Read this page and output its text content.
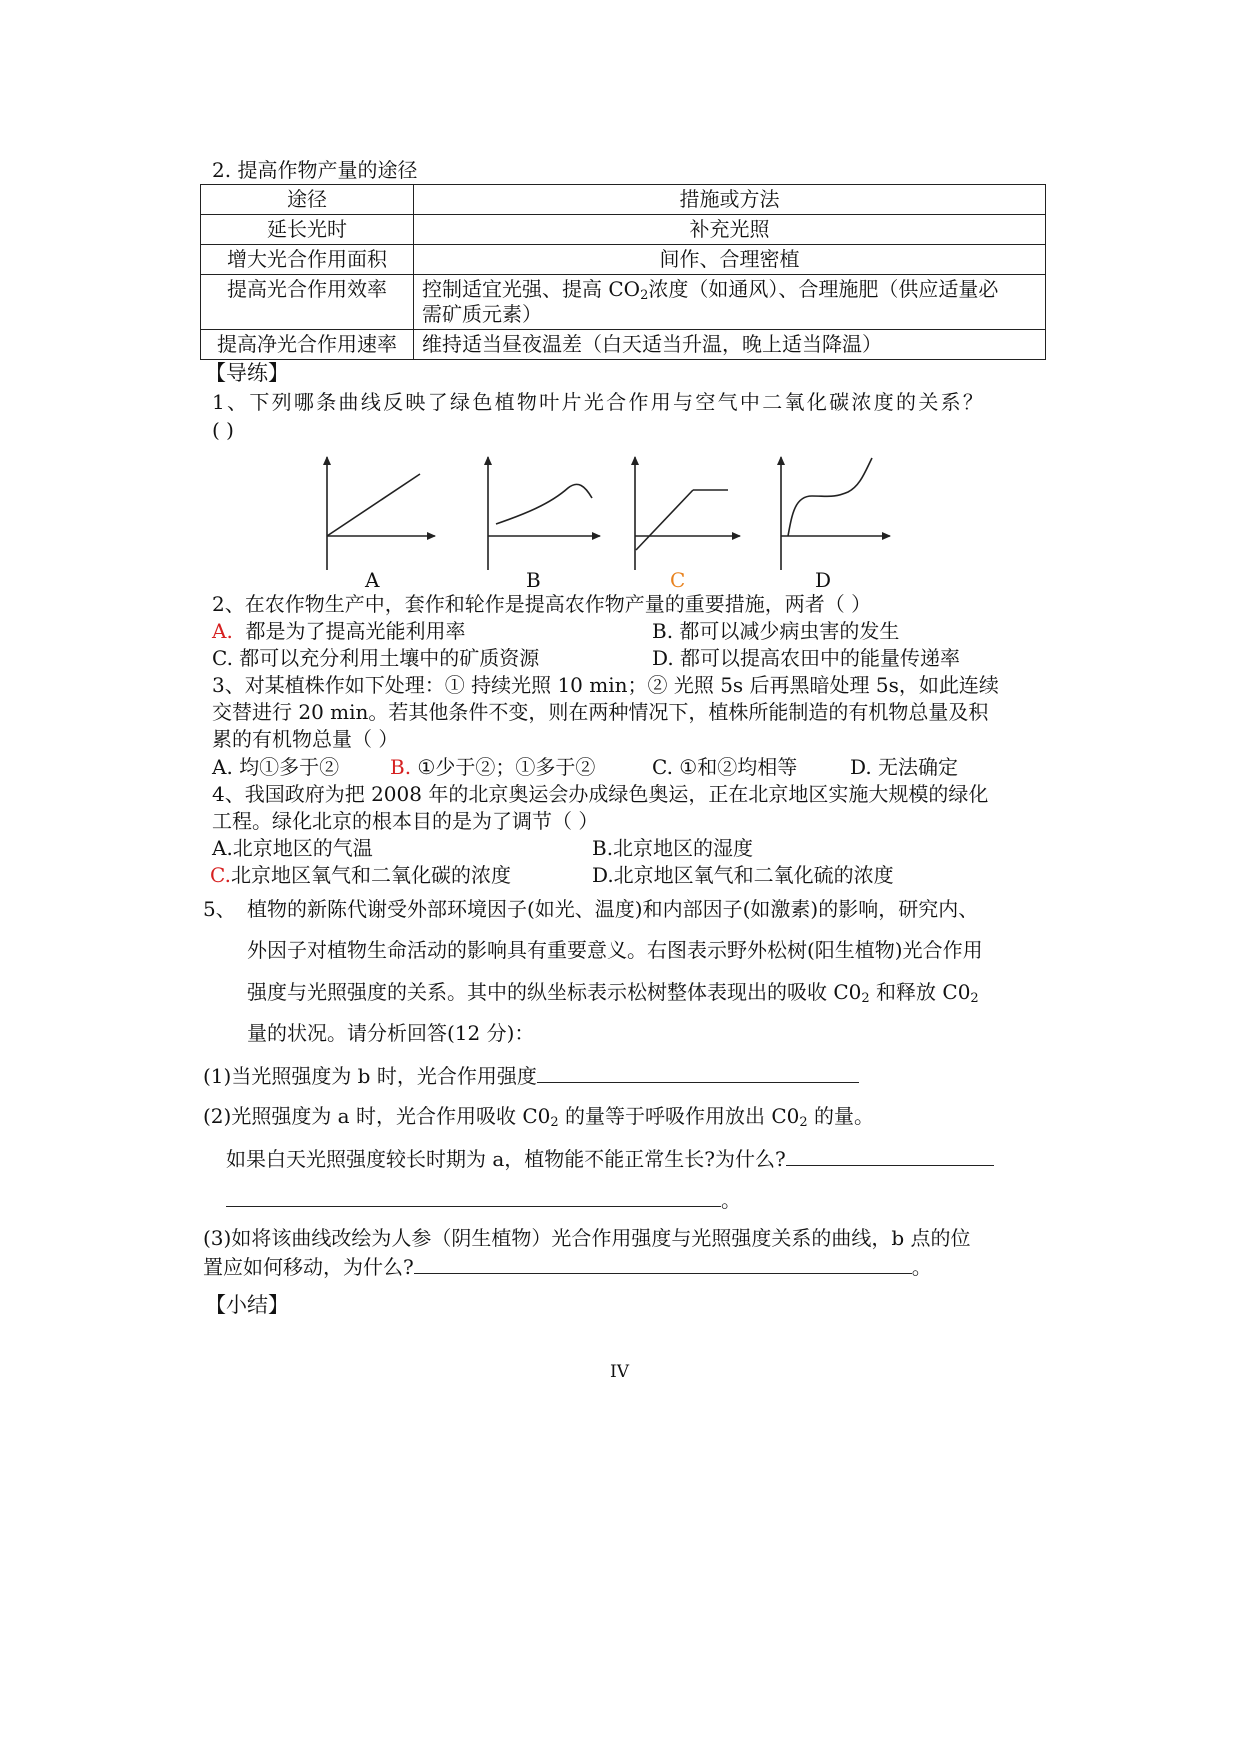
2. 提高作物产量的途径
途径	措施或方法
延长光时	补充光照
增大光合作用面积	间作、合理密植
提高光合作用效率	控制适宜光强、提高 $CO_2$浓度（如通风）、合理施肥（供应适量必
需矿质元素）
提高净光合作用速率	维持适当昼夜温差（白天适当升温，晚上适当降温）
【导练】
1、下列哪条曲线反映了绿色植物叶片光合作用与空气中二氧化碳浓度的关系？
( )
A	B	C	D
2、在农作物生产中，套作和轮作是提高农作物产量的重要措施，两者（ ）
A. 都是为了提高光能利用率	B. 都可以减少病虫害的发生
C. 都可以充分利用土壤中的矿质资源	D. 都可以提高农田中的能量传递率
3、对某植株作如下处理：① 持续光照 10 min；② 光照 5s 后再黑暗处理 5s，如此连续
交替进行 20 min。若其他条件不变，则在两种情况下，植株所能制造的有机物总量及积
累的有机物总量（ ）
A. 均①多于②	B. ①少于②；①多于②	C. ①和②均相等	D. 无法确定
4、我国政府为把 2008 年的北京奥运会办成绿色奥运，正在北京地区实施大规模的绿化
工程。绿化北京的根本目的是为了调节（ ）
A.北京地区的气温	B.北京地区的湿度
C.北京地区氧气和二氧化碳的浓度	D.北京地区氧气和二氧化硫的浓度
5、 植物的新陈代谢受外部环境因子(如光、温度)和内部因子(如激素)的影响，研究内、
外因子对植物生命活动的影响具有重要意义。右图表示野外松树(阳生植物)光合作用
强度与光照强度的关系。其中的纵坐标表示松树整体表现出的吸收 $C0_2$ 和释放 $C0_2$
量的状况。请分析回答(12 分)：
(1)当光照强度为 b 时，光合作用强度
(2)光照强度为 a 时，光合作用吸收 $C0_2$ 的量等于呼吸作用放出 $C0_2$ 的量。
如果白天光照强度较长时期为 a，植物能不能正常生长?为什么?
。
(3)如将该曲线改绘为人参（阴生植物）光合作用强度与光照强度关系的曲线，b 点的位
置应如何移动，为什么?	。
【小结】
IV
